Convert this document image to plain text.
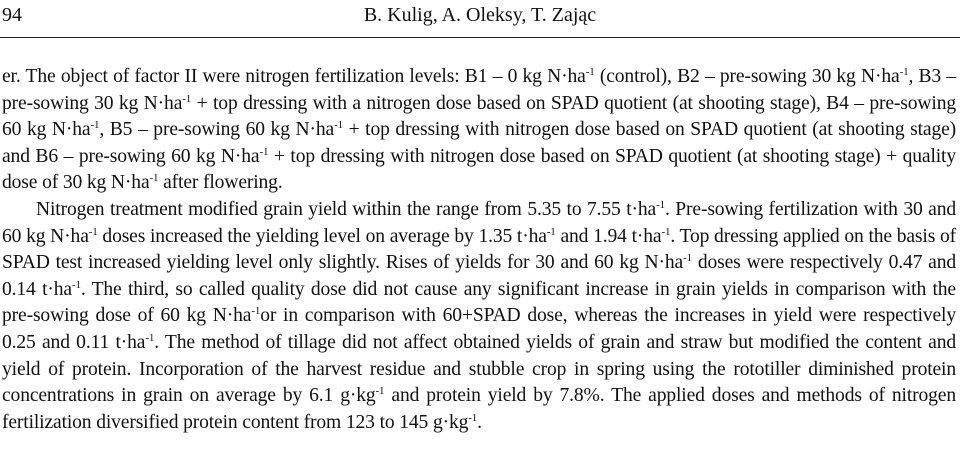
94	B. Kulig, A. Oleksy, T. Zając

er. The object of factor II were nitrogen fertilization levels: B1 – 0 kg $N\cdot ha^{-1}$ (control), B2 – pre-sowing 30 kg $N\cdot ha^{-1}$, B3 – pre-sowing 30 kg $N\cdot ha^{-1}$ + top dressing with a nitrogen dose based on SPAD quotient (at shooting stage), B4 – pre-sowing 60 kg $N\cdot ha^{-1}$, B5 – pre-sowing 60 kg $N\cdot ha^{-1}$ + top dressing with nitrogen dose based on SPAD quotient (at shooting stage) and B6 – pre-sowing 60 kg $N\cdot ha^{-1}$ + top dressing with nitrogen dose based on SPAD quotient (at shooting stage) + quality dose of 30 kg $N\cdot ha^{-1}$ after flowering.

Nitrogen treatment modified grain yield within the range from 5.35 to 7.55 $t\cdot ha^{-1}$. Pre-sowing fertilization with 30 and 60 kg $N\cdot ha^{-1}$ doses increased the yielding level on average by 1.35 $t\cdot ha^{-1}$ and 1.94 $t\cdot ha^{-1}$. Top dressing applied on the basis of SPAD test increased yielding level only slightly. Rises of yields for 30 and 60 kg $N\cdot ha^{-1}$ doses were respectively 0.47 and 0.14 $t\cdot ha^{-1}$. The third, so called quality dose did not cause any significant increase in grain yields in comparison with the pre-sowing dose of 60 kg $N\cdot ha^{-1}or$ in comparison with 60+SPAD dose, whereas the increases in yield were respectively 0.25 and 0.11 $t\cdot ha^{-1}$. The method of tillage did not affect obtained yields of grain and straw but modified the content and yield of protein. Incorporation of the harvest residue and stubble crop in spring using the rototiller diminished protein concentrations in grain on average by 6.1 $g\cdot kg^{-1}$ and protein yield by 7.8%. The applied doses and methods of nitrogen fertilization diversified protein content from 123 to 145 $g\cdot kg^{-1}$.
